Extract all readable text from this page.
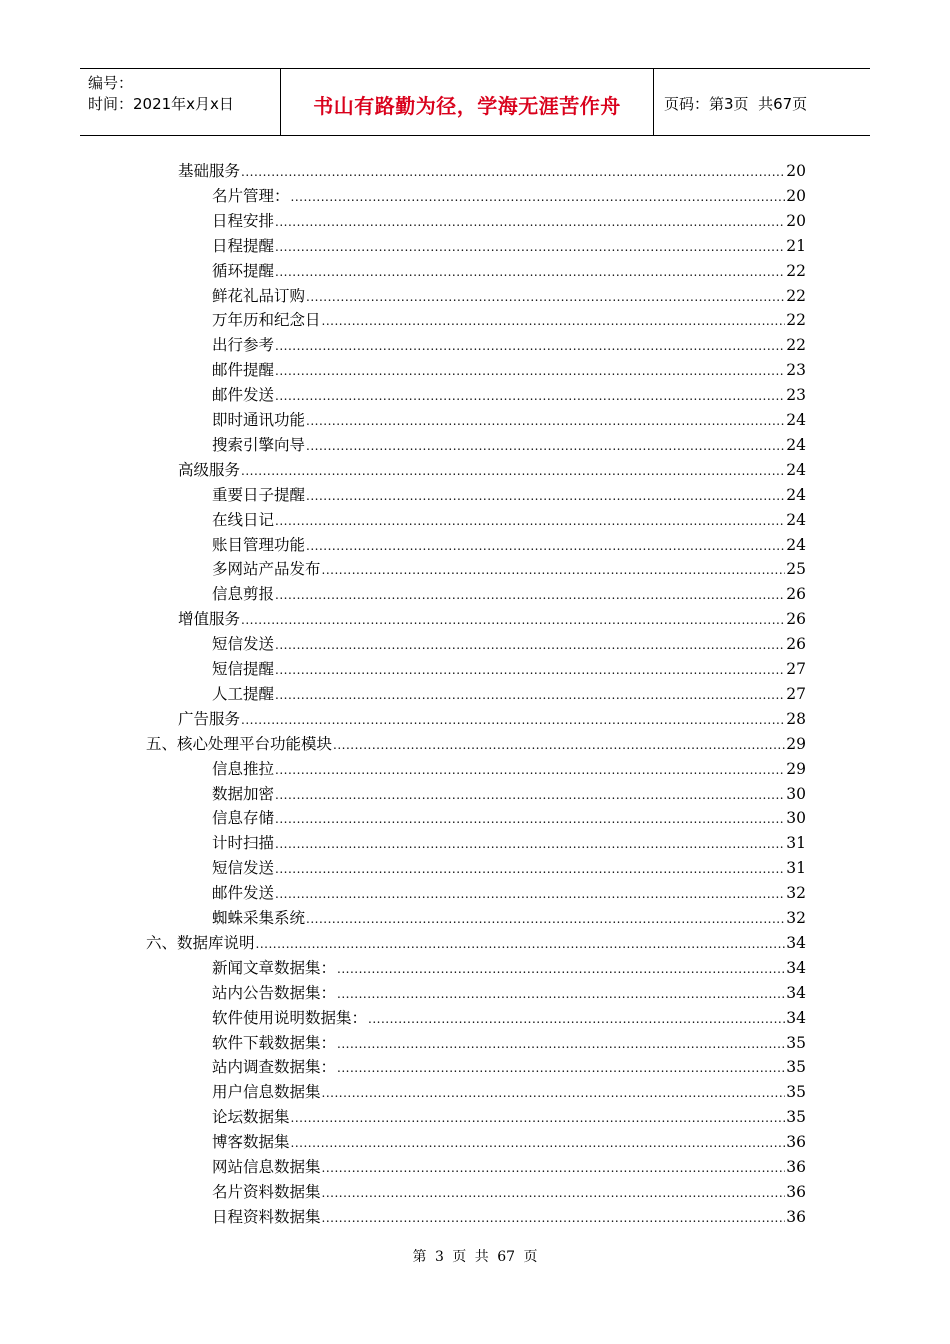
编号：
时间：2021年x月x日	书山有路勤为径，学海无涯苦作舟	页码：第3页  共67页
基础服务 .....	20
名片管理： .....	20
日程安排 .....	20
日程提醒 .....	21
循环提醒 .....	22
鲜花礼品订购 .....	22
万年历和纪念日 .....	22
出行参考 .....	22
邮件提醒 .....	23
邮件发送 .....	23
即时通讯功能 .....	24
搜索引擎向导 .....	24
高级服务 .....	24
重要日子提醒 .....	24
在线日记 .....	24
账目管理功能 .....	24
多网站产品发布 .....	25
信息剪报 .....	26
增值服务 .....	26
短信发送 .....	26
短信提醒 .....	27
人工提醒 .....	27
广告服务 .....	28
五、核心处理平台功能模块 .....	29
信息推拉 .....	29
数据加密 .....	30
信息存储 .....	30
计时扫描 .....	31
短信发送 .....	31
邮件发送 .....	32
蜘蛛采集系统 .....	32
六、数据库说明 .....	34
新闻文章数据集： .....	34
站内公告数据集： .....	34
软件使用说明数据集： .....	34
软件下载数据集： .....	35
站内调查数据集： .....	35
用户信息数据集 .....	35
论坛数据集 .....	35
博客数据集 .....	36
网站信息数据集 .....	36
名片资料数据集 .....	36
日程资料数据集 .....	36
第 3 页 共 67 页
